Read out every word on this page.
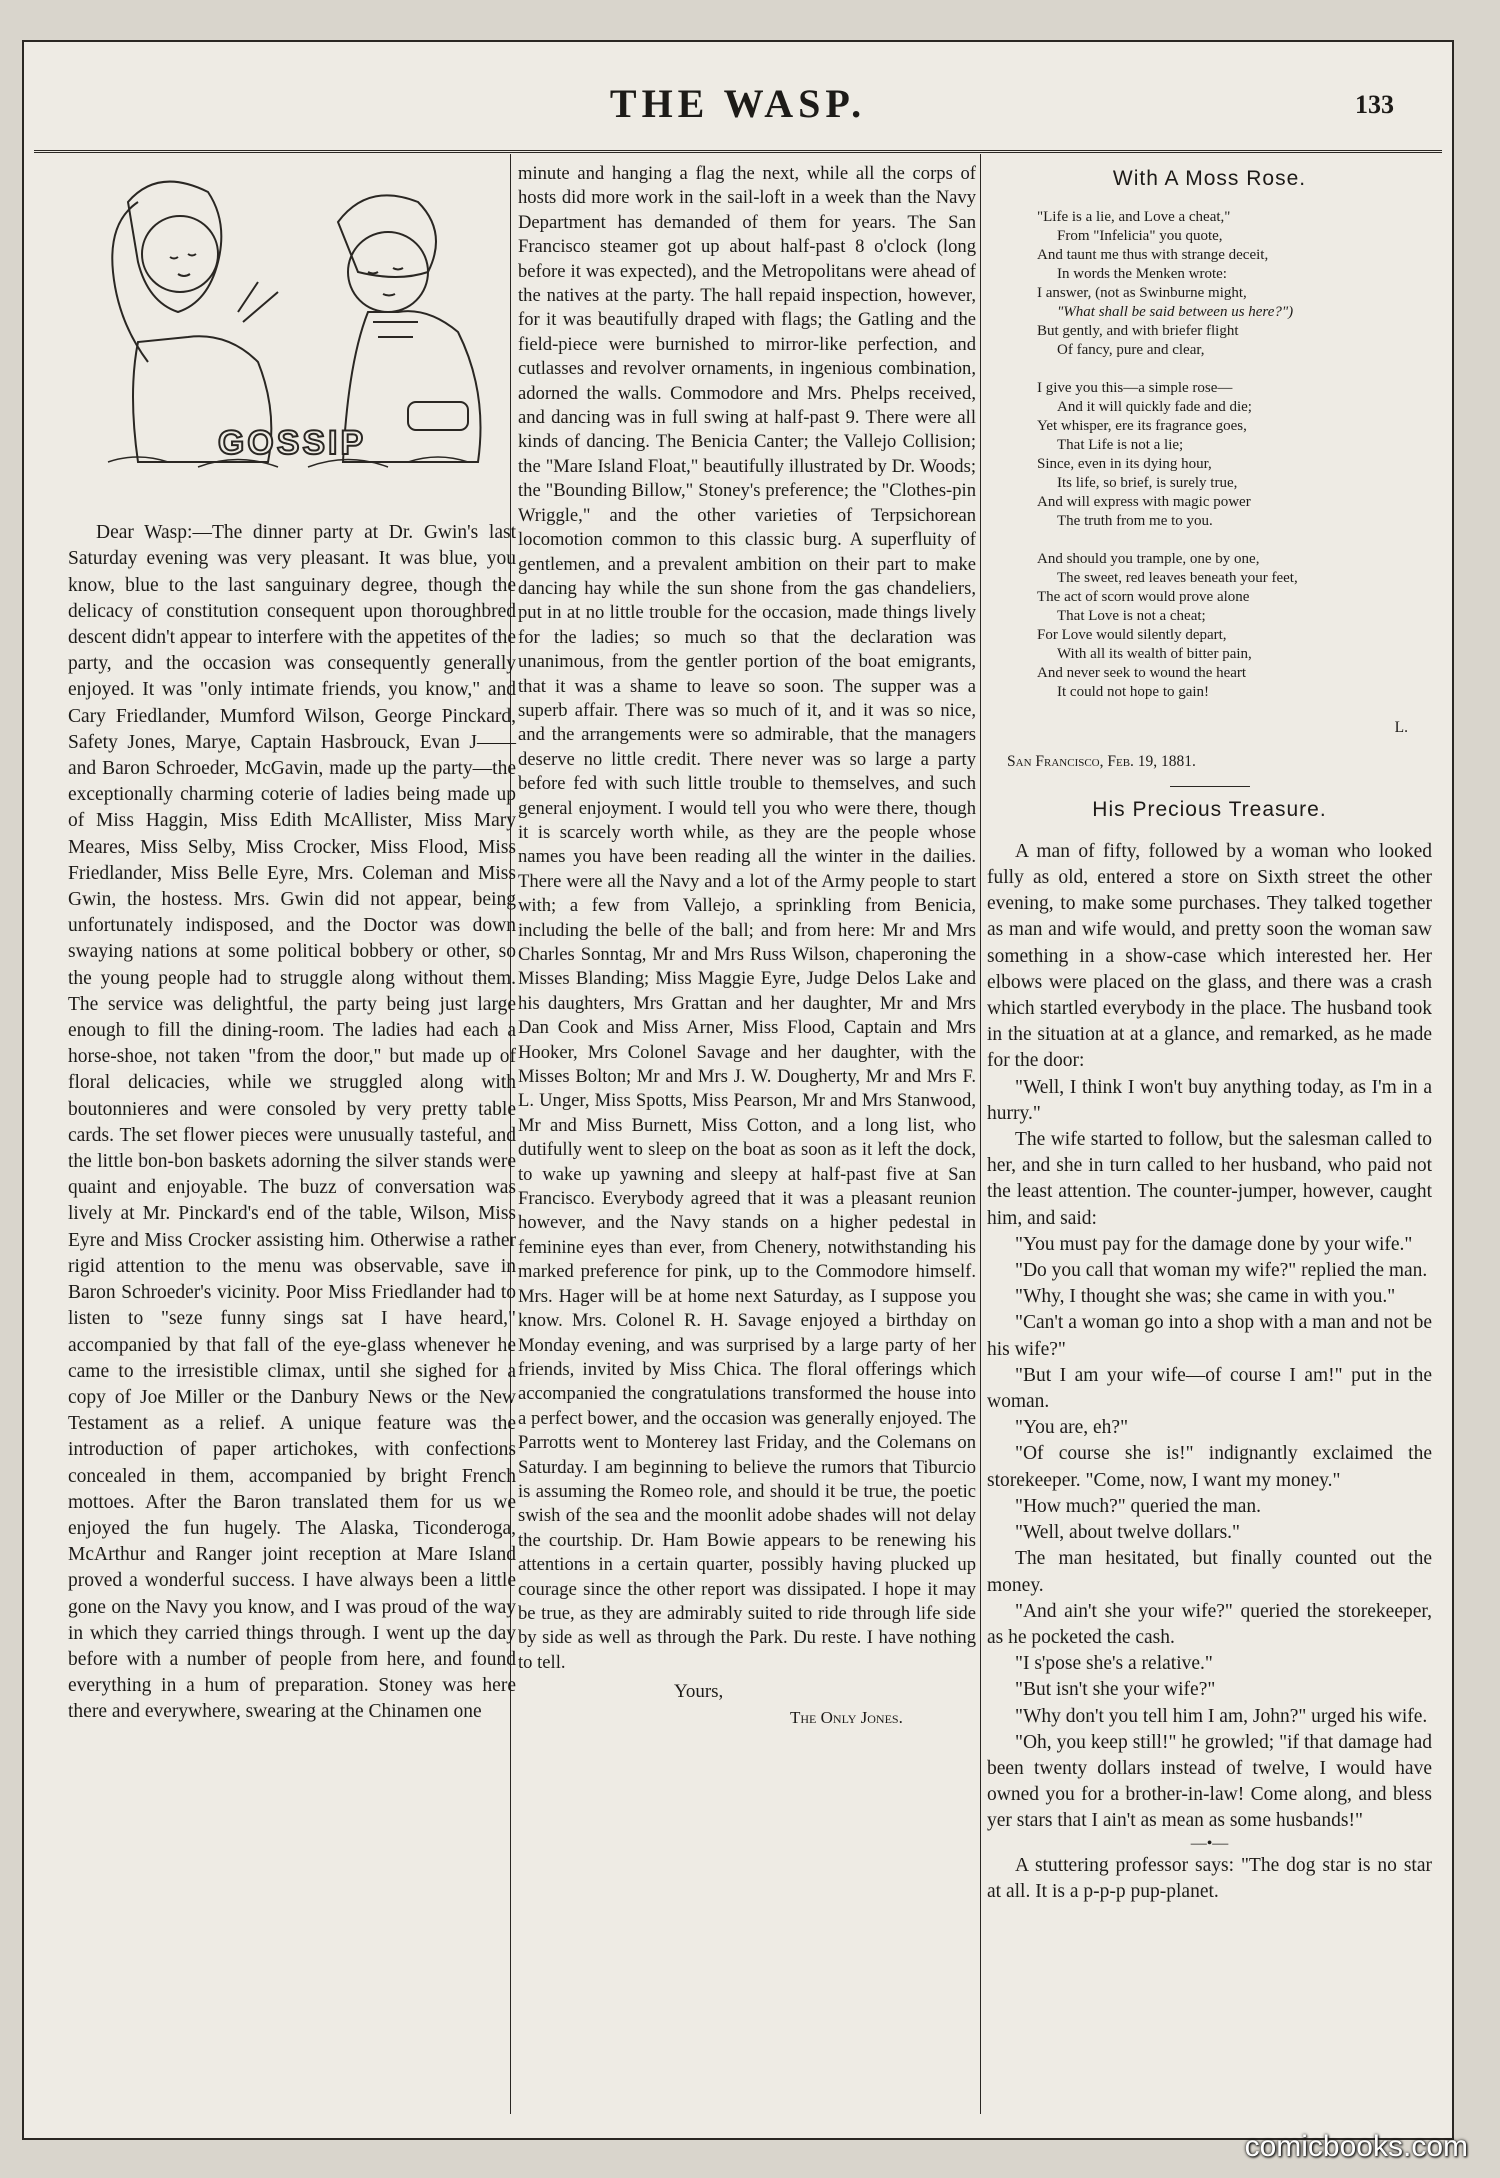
THE WASP.	133
GOSSIP

Dear Wasp:—The dinner party at Dr. Gwin's last Saturday evening was very pleasant. It was blue, you know, blue to the last sanguinary degree, though the delicacy of constitution consequent upon thoroughbred descent didn't appear to interfere with the appetites of the party, and the occasion was consequently generally enjoyed. It was "only intimate friends, you know," and Cary Friedlander, Mumford Wilson, George Pinckard, Safety Jones, Marye, Captain Hasbrouck, Evan J—— and Baron Schroeder, McGavin, made up the party—the exceptionally charming coterie of ladies being made up of Miss Haggin, Miss Edith McAllister, Miss Mary Meares, Miss Selby, Miss Crocker, Miss Flood, Miss Friedlander, Miss Belle Eyre, Mrs. Coleman and Miss Gwin, the hostess. Mrs. Gwin did not appear, being unfortunately indisposed, and the Doctor was down swaying nations at some political bobbery or other, so the young people had to struggle along without them. The service was delightful, the party being just large enough to fill the dining-room. The ladies had each a horse-shoe, not taken "from the door," but made up of floral delicacies, while we struggled along with boutonnieres and were consoled by very pretty table cards. The set flower pieces were unusually tasteful, and the little bon-bon baskets adorning the silver stands were quaint and enjoyable. The buzz of conversation was lively at Mr. Pinckard's end of the table, Wilson, Miss Eyre and Miss Crocker assisting him. Otherwise a rather rigid attention to the menu was observable, save in Baron Schroeder's vicinity. Poor Miss Friedlander had to listen to "seze funny sings sat I have heard," accompanied by that fall of the eye-glass whenever he came to the irresistible climax, until she sighed for a copy of Joe Miller or the Danbury News or the New Testament as a relief. A unique feature was the introduction of paper artichokes, with confections concealed in them, accompanied by bright French mottoes. After the Baron translated them for us we enjoyed the fun hugely. The Alaska, Ticonderoga, McArthur and Ranger joint reception at Mare Island proved a wonderful success. I have always been a little gone on the Navy you know, and I was proud of the way in which they carried things through. I went up the day before with a number of people from here, and found everything in a hum of preparation. Stoney was here there and everywhere, swearing at the Chinamen one

minute and hanging a flag the next, while all the corps of hosts did more work in the sail-loft in a week than the Navy Department has demanded of them for years. The San Francisco steamer got up about half-past 8 o'clock (long before it was expected), and the Metropolitans were ahead of the natives at the party. The hall repaid inspection, however, for it was beautifully draped with flags; the Gatling and the field-piece were burnished to mirror-like perfection, and cutlasses and revolver ornaments, in ingenious combination, adorned the walls. Commodore and Mrs. Phelps received, and dancing was in full swing at half-past 9. There were all kinds of dancing. The Benicia Canter; the Vallejo Collision; the "Mare Island Float," beautifully illustrated by Dr. Woods; the "Bounding Billow," Stoney's preference; the "Clothes-pin Wriggle," and the other varieties of Terpsichorean locomotion common to this classic burg. A superfluity of gentlemen, and a prevalent ambition on their part to make dancing hay while the sun shone from the gas chandeliers, put in at no little trouble for the occasion, made things lively for the ladies; so much so that the declaration was unanimous, from the gentler portion of the boat emigrants, that it was a shame to leave so soon. The supper was a superb affair. There was so much of it, and it was so nice, and the arrangements were so admirable, that the managers deserve no little credit. There never was so large a party before fed with such little trouble to themselves, and such general enjoyment. I would tell you who were there, though it is scarcely worth while, as they are the people whose names you have been reading all the winter in the dailies. There were all the Navy and a lot of the Army people to start with; a few from Vallejo, a sprinkling from Benicia, including the belle of the ball; and from here: Mr and Mrs Charles Sonntag, Mr and Mrs Russ Wilson, chaperoning the Misses Blanding; Miss Maggie Eyre, Judge Delos Lake and his daughters, Mrs Grattan and her daughter, Mr and Mrs Dan Cook and Miss Arner, Miss Flood, Captain and Mrs Hooker, Mrs Colonel Savage and her daughter, with the Misses Bolton; Mr and Mrs J. W. Dougherty, Mr and Mrs F. L. Unger, Miss Spotts, Miss Pearson, Mr and Mrs Stanwood, Mr and Miss Burnett, Miss Cotton, and a long list, who dutifully went to sleep on the boat as soon as it left the dock, to wake up yawning and sleepy at half-past five at San Francisco. Everybody agreed that it was a pleasant reunion however, and the Navy stands on a higher pedestal in feminine eyes than ever, from Chenery, notwithstanding his marked preference for pink, up to the Commodore himself. Mrs. Hager will be at home next Saturday, as I suppose you know. Mrs. Colonel R. H. Savage enjoyed a birthday on Monday evening, and was surprised by a large party of her friends, invited by Miss Chica. The floral offerings which accompanied the congratulations transformed the house into a perfect bower, and the occasion was generally enjoyed. The Parrotts went to Monterey last Friday, and the Colemans on Saturday. I am beginning to believe the rumors that Tiburcio is assuming the Romeo role, and should it be true, the poetic swish of the sea and the moonlit adobe shades will not delay the courtship. Dr. Ham Bowie appears to be renewing his attentions in a certain quarter, possibly having plucked up courage since the other report was dissipated. I hope it may be true, as they are admirably suited to ride through life side by side as well as through the Park. Du reste. I have nothing to tell.

Yours,
The Only Jones.
With A Moss Rose.
"Life is a lie, and Love a cheat,"
From "Infelicia" you quote,
And taunt me thus with strange deceit,
In words the Menken wrote:
I answer, (not as Swinburne might,
"What shall be said between us here?")
But gently, and with briefer flight
Of fancy, pure and clear,
I give you this—a simple rose—
And it will quickly fade and die;
Yet whisper, ere its fragrance goes,
That Life is not a lie;
Since, even in its dying hour,
Its life, so brief, is surely true,
And will express with magic power
The truth from me to you.
And should you trample, one by one,
The sweet, red leaves beneath your feet,
The act of scorn would prove alone
That Love is not a cheat;
For Love would silently depart,
With all its wealth of bitter pain,
And never seek to wound the heart
It could not hope to gain!
L.
San Francisco, Feb. 19, 1881.
His Precious Treasure.

A man of fifty, followed by a woman who looked fully as old, entered a store on Sixth street the other evening, to make some purchases. They talked together as man and wife would, and pretty soon the woman saw something in a show-case which interested her. Her elbows were placed on the glass, and there was a crash which startled everybody in the place. The husband took in the situation at at a glance, and remarked, as he made for the door:

"Well, I think I won't buy anything today, as I'm in a hurry."

The wife started to follow, but the salesman called to her, and she in turn called to her husband, who paid not the least attention. The counter-jumper, however, caught him, and said:

"You must pay for the damage done by your wife."

"Do you call that woman my wife?" replied the man.

"Why, I thought she was; she came in with you."

"Can't a woman go into a shop with a man and not be his wife?"

"But I am your wife—of course I am!" put in the woman.

"You are, eh?"

"Of course she is!" indignantly exclaimed the storekeeper. "Come, now, I want my money."

"How much?" queried the man.

"Well, about twelve dollars."

The man hesitated, but finally counted out the money.

"And ain't she your wife?" queried the storekeeper, as he pocketed the cash.

"I s'pose she's a relative."

"But isn't she your wife?"

"Why don't you tell him I am, John?" urged his wife.

"Oh, you keep still!" he growled; "if that damage had been twenty dollars instead of twelve, I would have owned you for a brother-in-law! Come along, and bless yer stars that I ain't as mean as some husbands!"

—•—

A stuttering professor says: "The dog star is no star at all. It is a p-p-p pup-planet.

comicbooks.com
